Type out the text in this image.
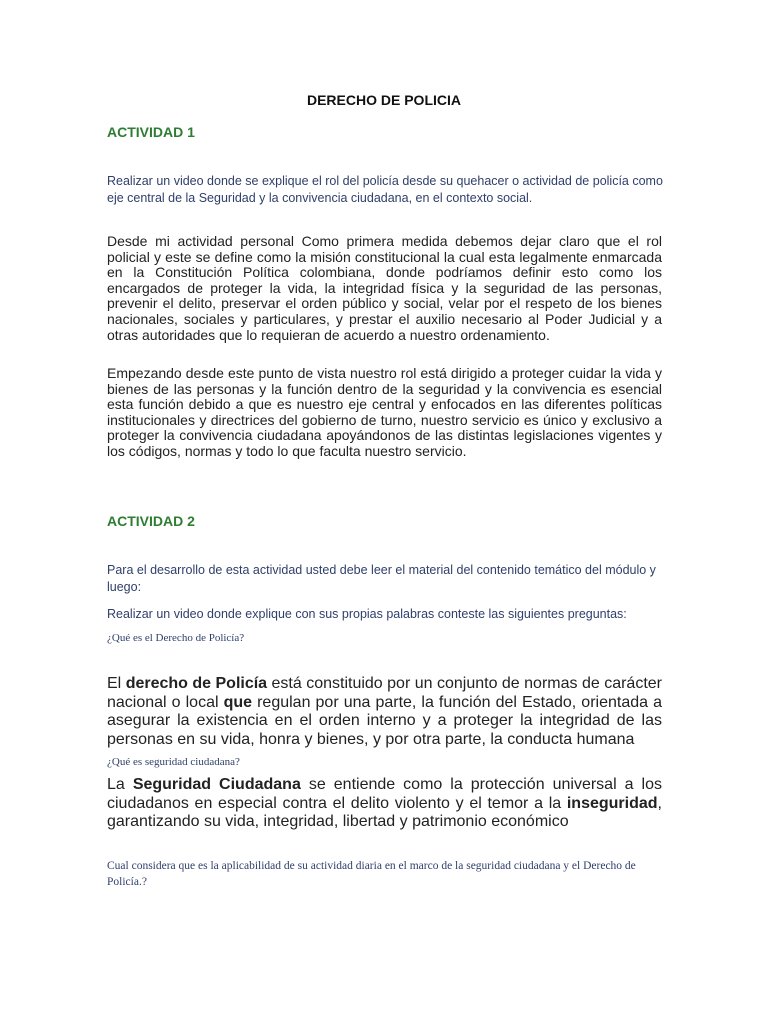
DERECHO DE POLICIA

ACTIVIDAD 1

Realizar un video donde se explique el rol del policía desde su quehacer o actividad de policía como eje central de la Seguridad y la convivencia ciudadana, en el contexto social.

Desde mi actividad personal Como primera medida debemos dejar claro que el rol policial y este se define como la misión constitucional la cual esta legalmente enmarcada en la Constitución Política colombiana, donde podríamos definir esto como los encargados de proteger la vida, la integridad física y la seguridad de las personas, prevenir el delito, preservar el orden público y social, velar por el respeto de los bienes nacionales, sociales y particulares, y prestar el auxilio necesario al Poder Judicial y a otras autoridades que lo requieran de acuerdo a nuestro ordenamiento.

Empezando desde este punto de vista nuestro rol está dirigido a proteger cuidar la vida y bienes de las personas y la función dentro de la seguridad y la convivencia es esencial esta función debido a que es nuestro eje central y enfocados en las diferentes políticas institucionales y directrices del gobierno de turno, nuestro servicio es único y exclusivo a proteger la convivencia ciudadana apoyándonos de las distintas legislaciones vigentes y los códigos, normas y todo lo que faculta nuestro servicio.

ACTIVIDAD 2

Para el desarrollo de esta actividad usted debe leer el material del contenido temático del módulo y luego:

Realizar un video donde explique con sus propias palabras conteste las siguientes preguntas:

¿Qué es el Derecho de Policía?

El derecho de Policía está constituido por un conjunto de normas de carácter nacional o local que regulan por una parte, la función del Estado, orientada a asegurar la existencia en el orden interno y a proteger la integridad de las personas en su vida, honra y bienes, y por otra parte, la conducta humana

¿Qué es seguridad ciudadana?

La Seguridad Ciudadana se entiende como la protección universal a los ciudadanos en especial contra el delito violento y el temor a la inseguridad, garantizando su vida, integridad, libertad y patrimonio económico

Cual considera que es la aplicabilidad de su actividad diaria en el marco de la seguridad ciudadana y el Derecho de Policía.?
